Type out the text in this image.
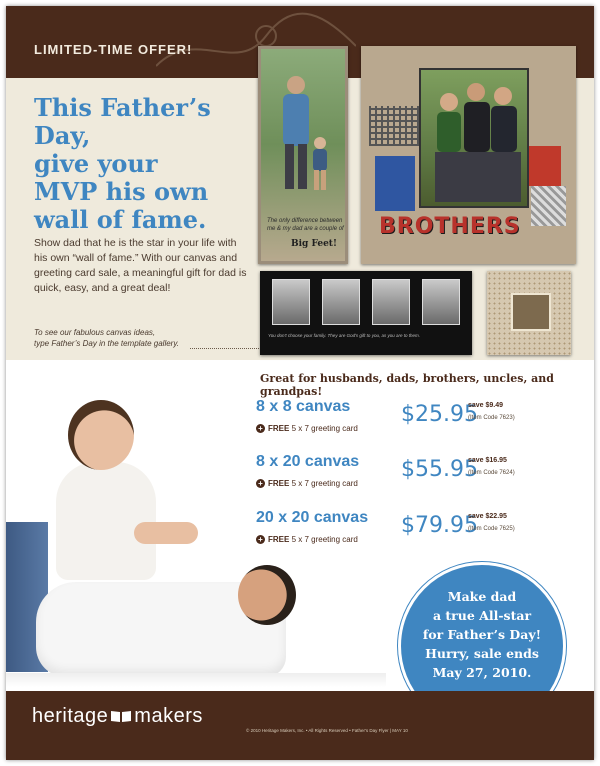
LIMITED-TIME OFFER!
This Father’s Day,
give your
MVP his own
wall of fame.
Show dad that he is the star in your life with his own “wall of fame.” With our canvas and greeting card sale, a meaningful gift for dad is quick, easy, and a great deal!
To see our fabulous canvas ideas,
type Father’s Day in the template gallery.
The only difference between me & my dad are a couple of
Big Feet!
BROTHERS
You don't choose your family. They are God's gift to you, as you are to them.
Great for husbands, dads, brothers, uncles, and grandpas!
8 x 8 canvas
+ FREE 5 x 7 greeting card
$25.95
save $9.49
(Item Code 7623)
8 x 20 canvas
+ FREE 5 x 7 greeting card
$55.95
save $16.95
(Item Code 7624)
20 x 20 canvas
+ FREE 5 x 7 greeting card
$79.95
save $22.95
(Item Code 7625)
Make dad
a true All-star
for Father’s Day!
Hurry, sale ends
May 27, 2010.
heritage makers
© 2010 Heritage Makers, Inc. • All Rights Reserved • Father's Day Flyer | MAY 10
